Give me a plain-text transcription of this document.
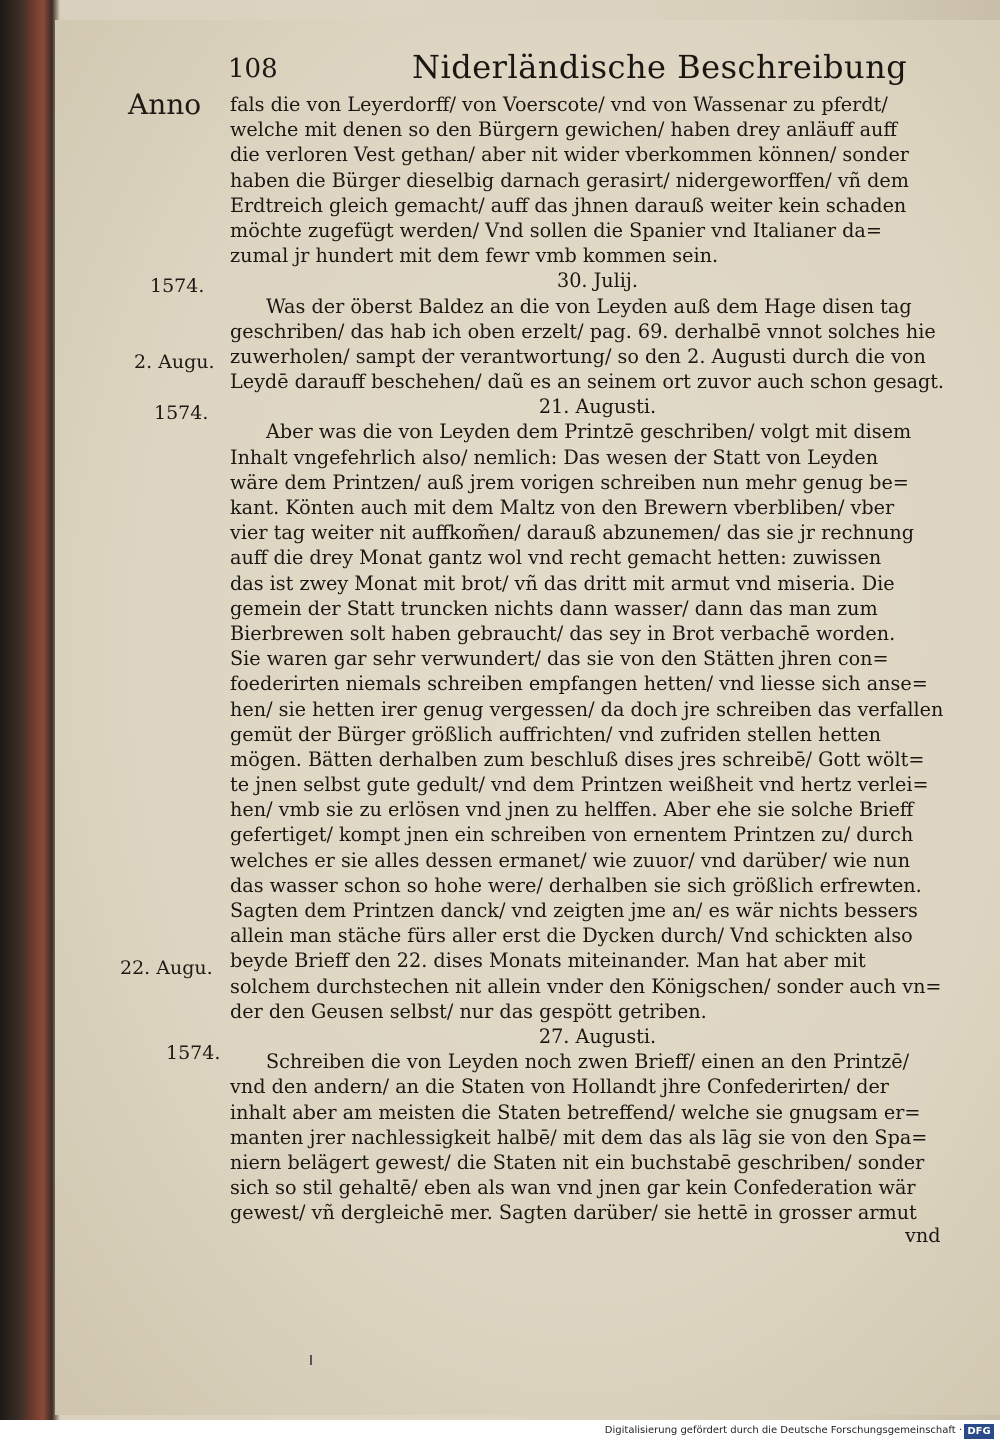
108	Niderländische Beschreibung
Anno
1574.
2. Augu.
1574.
22. Augu.
1574.
fals die von Leyerdorff/ von Voerscote/ vnd von Wassenar zu pferdt/
welche mit denen so den Bürgern gewichen/ haben drey anläuff auff
die verloren Vest gethan/ aber nit wider vberkommen können/ sonder
haben die Bürger dieselbig darnach gerasirt/ nidergeworffen/ vñ dem
Erdtreich gleich gemacht/ auff das jhnen darauß weiter kein schaden
möchte zugefügt werden/ Vnd sollen die Spanier vnd Italianer da=
zumal jr hundert mit dem fewr vmb kommen sein.
30. Julij.
Was der öberst Baldez an die von Leyden auß dem Hage disen tag
geschriben/ das hab ich oben erzelt/ pag. 69. derhalbē vnnot solches hie
zuwerholen/ sampt der verantwortung/ so den 2. Augusti durch die von
Leydē darauff beschehen/ daũ es an seinem ort zuvor auch schon gesagt.
21. Augusti.
Aber was die von Leyden dem Printzē geschriben/ volgt mit disem
Inhalt vngefehrlich also/ nemlich: Das wesen der Statt von Leyden
wäre dem Printzen/ auß jrem vorigen schreiben nun mehr genug be=
kant. Könten auch mit dem Maltz von den Brewern vberbliben/ vber
vier tag weiter nit auffkom̃en/ darauß abzunemen/ das sie jr rechnung
auff die drey Monat gantz wol vnd recht gemacht hetten: zuwissen
das ist zwey Monat mit brot/ vñ das dritt mit armut vnd miseria. Die
gemein der Statt truncken nichts dann wasser/ dann das man zum
Bierbrewen solt haben gebraucht/ das sey in Brot verbachē worden.
Sie waren gar sehr verwundert/ das sie von den Stätten jhren con=
foederirten niemals schreiben empfangen hetten/ vnd liesse sich anse=
hen/ sie hetten irer genug vergessen/ da doch jre schreiben das verfallen
gemüt der Bürger größlich auffrichten/ vnd zufriden stellen hetten
mögen. Bätten derhalben zum beschluß dises jres schreibē/ Gott wölt=
te jnen selbst gute gedult/ vnd dem Printzen weißheit vnd hertz verlei=
hen/ vmb sie zu erlösen vnd jnen zu helffen. Aber ehe sie solche Brieff
gefertiget/ kompt jnen ein schreiben von ernentem Printzen zu/ durch
welches er sie alles dessen ermanet/ wie zuuor/ vnd darüber/ wie nun
das wasser schon so hohe were/ derhalben sie sich größlich erfrewten.
Sagten dem Printzen danck/ vnd zeigten jme an/ es wär nichts bessers
allein man stäche fürs aller erst die Dycken durch/ Vnd schickten also
beyde Brieff den 22. dises Monats miteinander. Man hat aber mit
solchem durchstechen nit allein vnder den Königschen/ sonder auch vn=
der den Geusen selbst/ nur das gespött getriben.
27. Augusti.
Schreiben die von Leyden noch zwen Brieff/ einen an den Printzē/
vnd den andern/ an die Staten von Hollandt jhre Confederirten/ der
inhalt aber am meisten die Staten betreffend/ welche sie gnugsam er=
manten jrer nachlessigkeit halbē/ mit dem das als lāg sie von den Spa=
niern belägert gewest/ die Staten nit ein buchstabē geschriben/ sonder
sich so stil gehaltē/ eben als wan vnd jnen gar kein Confederation wär
gewest/ vñ dergleichē mer. Sagten darüber/ sie hettē in grosser armut
vnd
Digitalisierung gefördert durch die Deutsche Forschungsgemeinschaft · DFG
